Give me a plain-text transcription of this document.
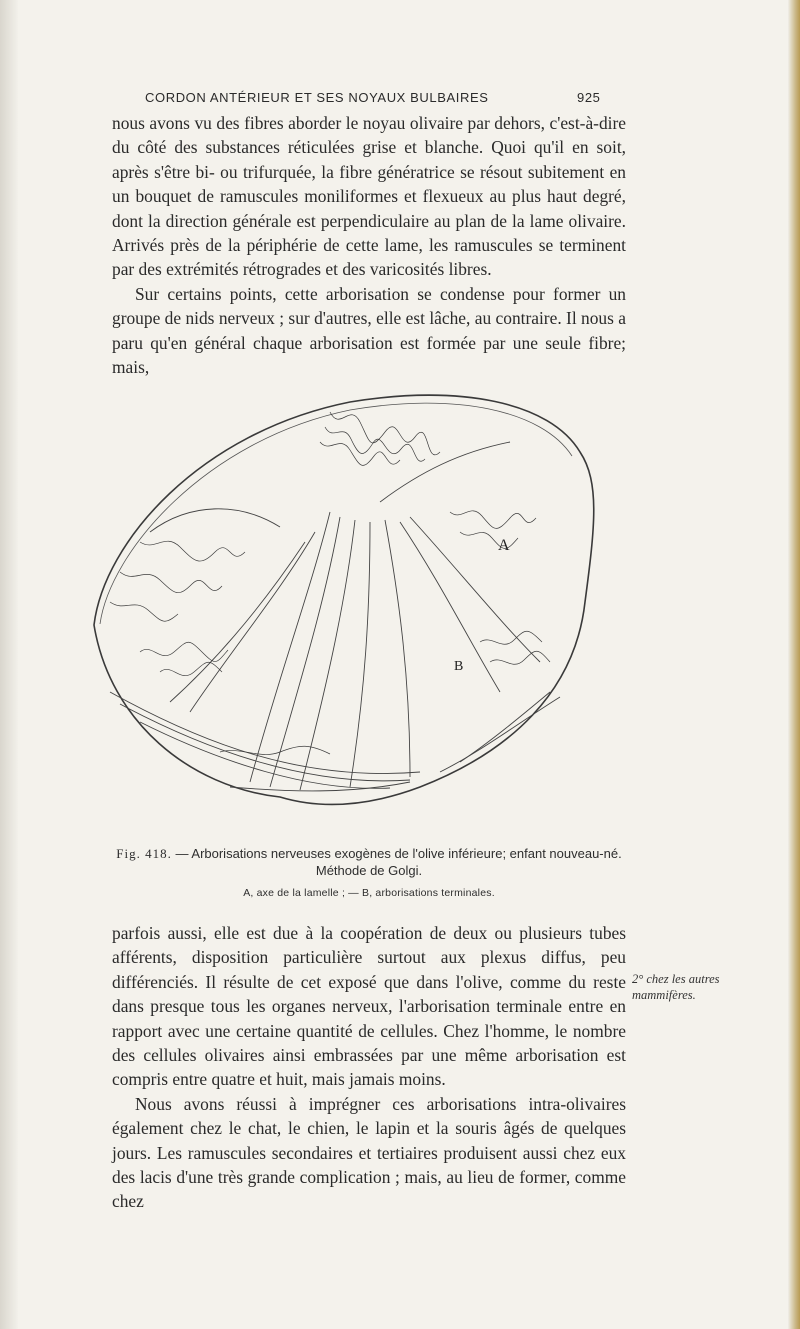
CORDON ANTÉRIEUR ET SES NOYAUX BULBAIRES	925

nous avons vu des fibres aborder le noyau olivaire par dehors, c'est-à-dire du côté des substances réticulées grise et blanche. Quoi qu'il en soit, après s'être bi- ou trifurquée, la fibre génératrice se résout subitement en un bouquet de ramuscules moniliformes et flexueux au plus haut degré, dont la direction générale est perpendiculaire au plan de la lame olivaire. Arrivés près de la périphérie de cette lame, les ramuscules se terminent par des extrémités rétrogrades et des varicosités libres.

Sur certains points, cette arborisation se condense pour former un groupe de nids nerveux ; sur d'autres, elle est lâche, au contraire. Il nous a paru qu'en général chaque arborisation est formée par une seule fibre; mais,

A
B
Fig. 418. — Arborisations nerveuses exogènes de l'olive inférieure; enfant nouveau-né. Méthode de Golgi.
A, axe de la lamelle ; — B, arborisations terminales.

parfois aussi, elle est due à la coopération de deux ou plusieurs tubes afférents, disposition particulière surtout aux plexus diffus, peu différenciés. Il résulte de cet exposé que dans l'olive, comme du reste dans presque tous les organes nerveux, l'arborisation terminale entre en rapport avec une certaine quantité de cellules. Chez l'homme, le nombre des cellules olivaires ainsi embrassées par une même arborisation est compris entre quatre et huit, mais jamais moins.

Nous avons réussi à imprégner ces arborisations intra-olivaires également chez le chat, le chien, le lapin et la souris âgés de quelques jours. Les ramuscules secondaires et tertiaires produisent aussi chez eux des lacis d'une très grande complication ; mais, au lieu de former, comme chez

2° chez les autres mammifères.
